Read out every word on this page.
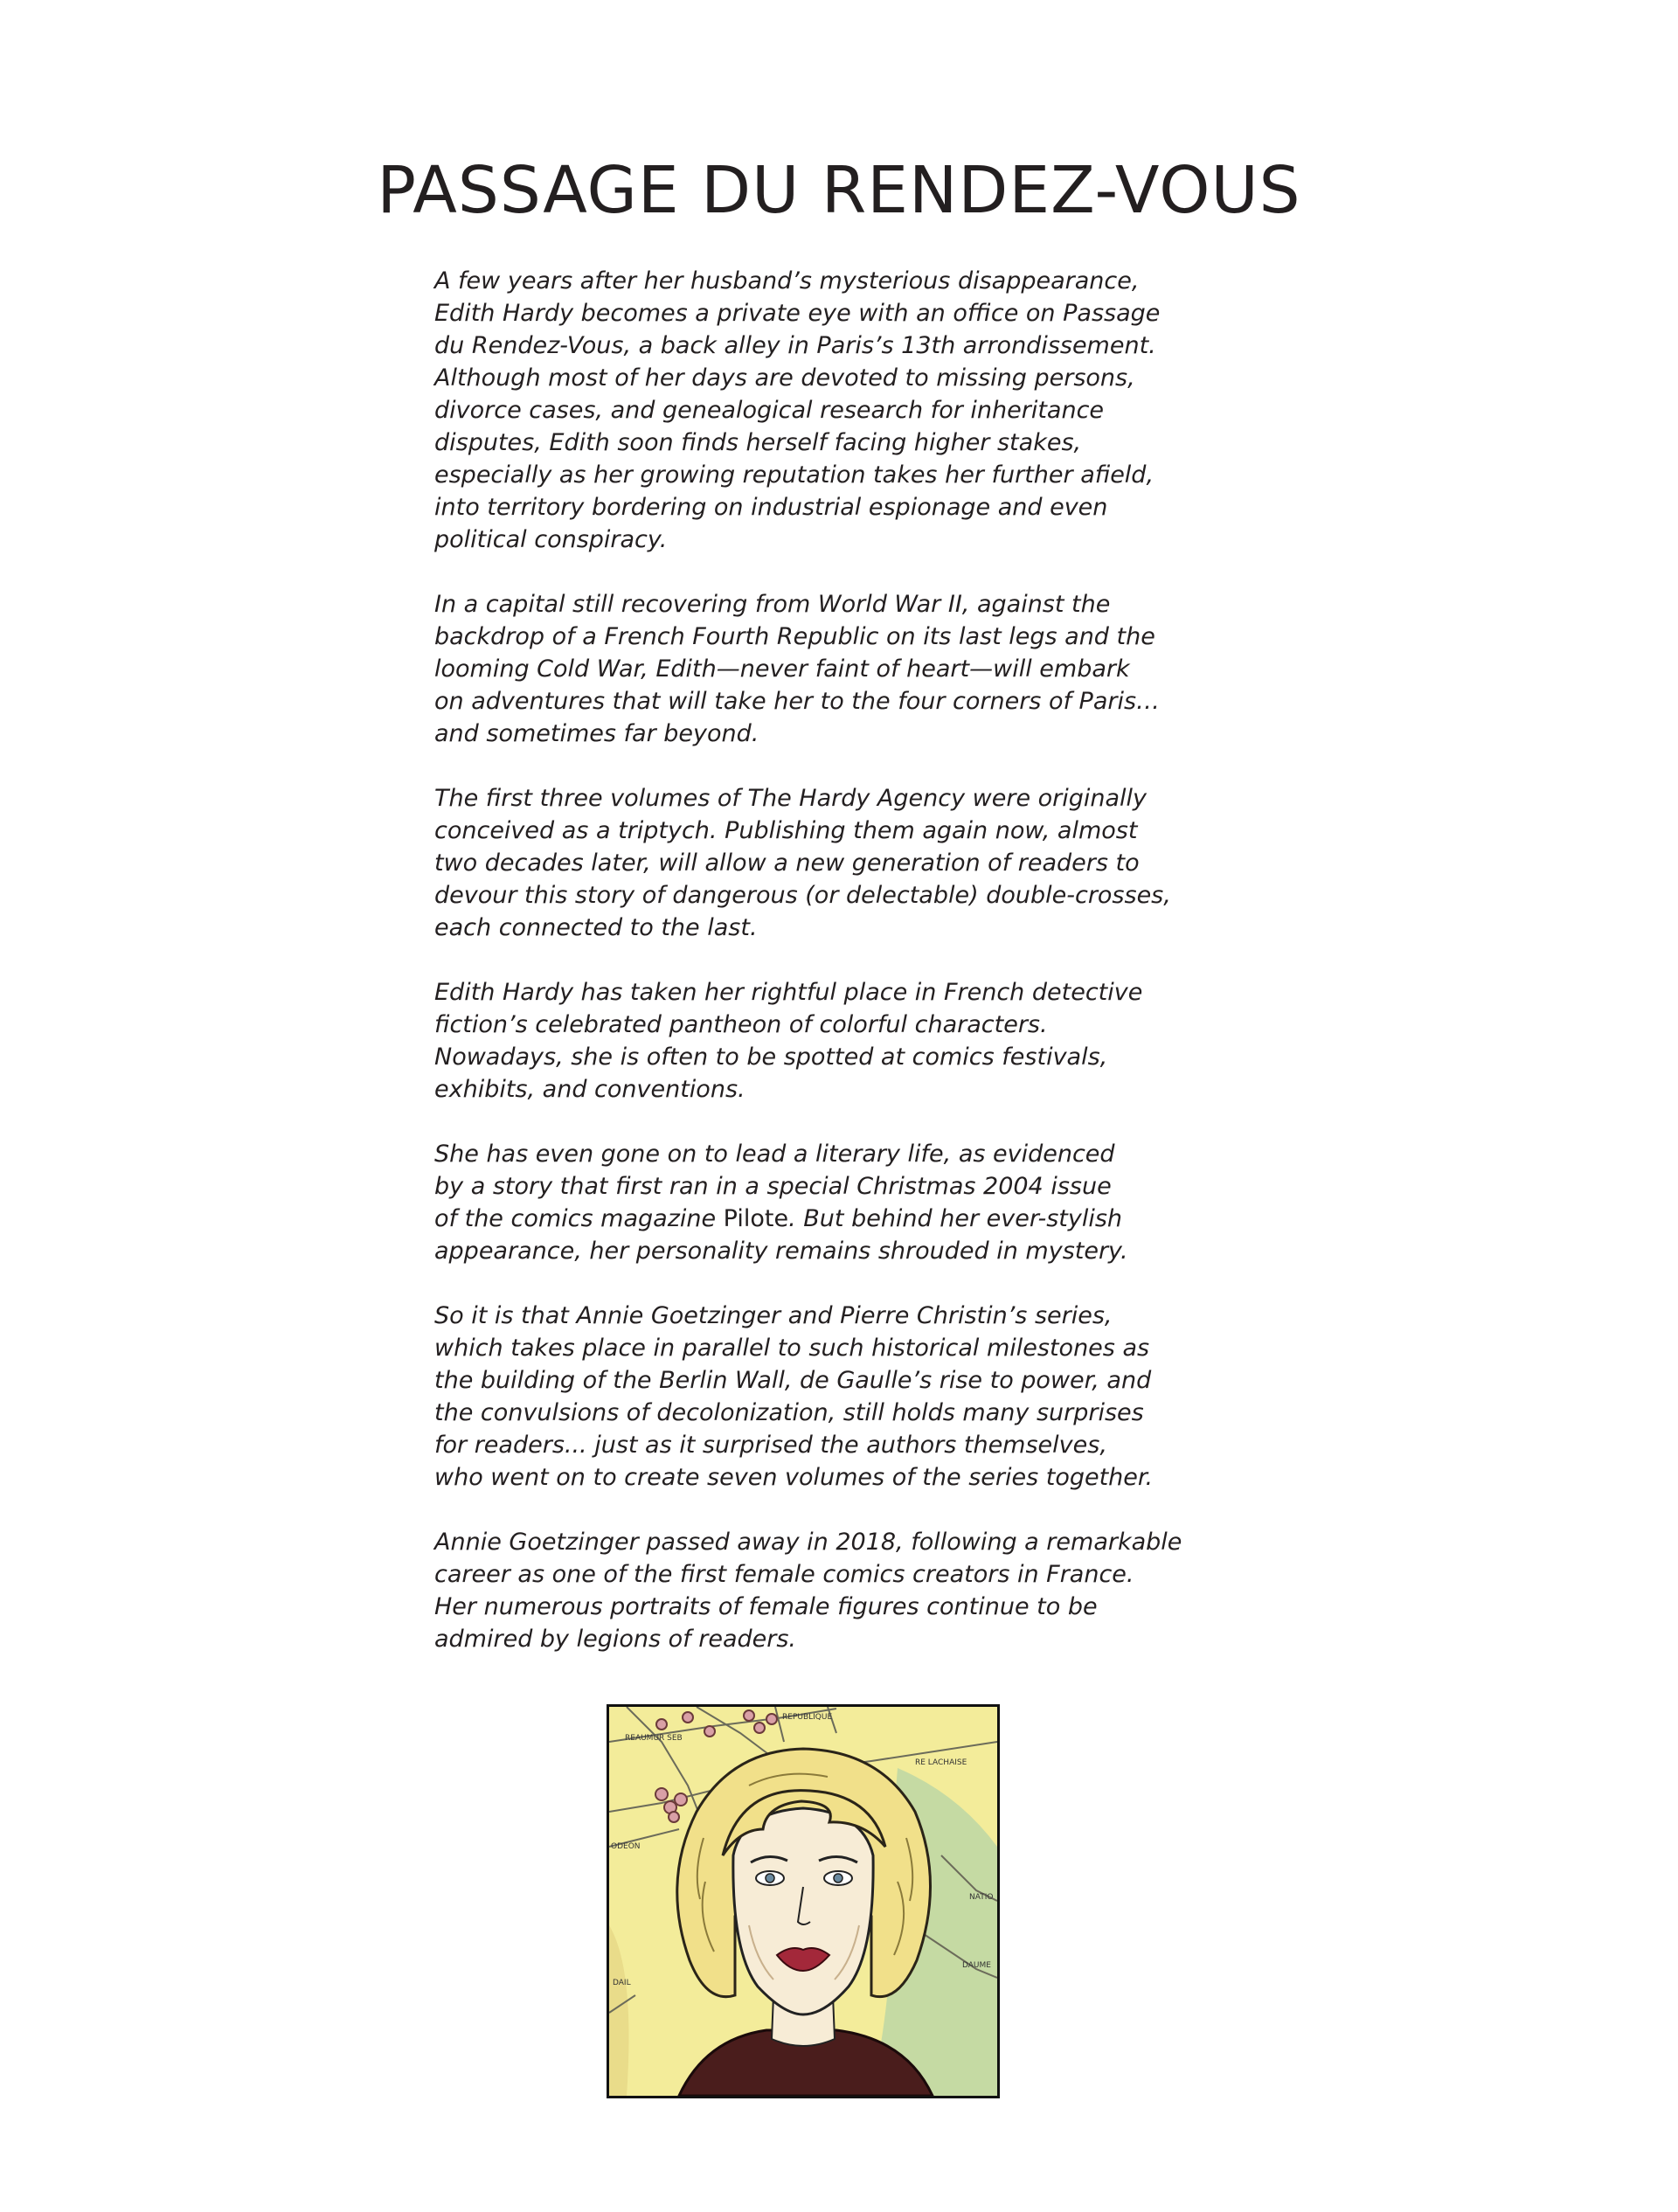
PASSAGE DU RENDEZ-VOUS

A few years after her husband’s mysterious disappearance,
Edith Hardy becomes a private eye with an office on Passage
du Rendez-Vous, a back alley in Paris’s 13th arrondissement.
Although most of her days are devoted to missing persons,
divorce cases, and genealogical research for inheritance
disputes, Edith soon finds herself facing higher stakes,
especially as her growing reputation takes her further afield,
into territory bordering on industrial espionage and even
political conspiracy.

In a capital still recovering from World War II, against the
backdrop of a French Fourth Republic on its last legs and the
looming Cold War, Edith—never faint of heart—will embark
on adventures that will take her to the four corners of Paris…
and sometimes far beyond.

The first three volumes of The Hardy Agency were originally
conceived as a triptych. Publishing them again now, almost
two decades later, will allow a new generation of readers to
devour this story of dangerous (or delectable) double-crosses,
each connected to the last.

Edith Hardy has taken her rightful place in French detective
fiction’s celebrated pantheon of colorful characters.
Nowadays, she is often to be spotted at comics festivals,
exhibits, and conventions.

She has even gone on to lead a literary life, as evidenced
by a story that first ran in a special Christmas 2004 issue
of the comics magazine Pilote. But behind her ever-stylish
appearance, her personality remains shrouded in mystery.

So it is that Annie Goetzinger and Pierre Christin’s series,
which takes place in parallel to such historical milestones as
the building of the Berlin Wall, de Gaulle’s rise to power, and
the convulsions of decolonization, still holds many surprises
for readers... just as it surprised the authors themselves,
who went on to create seven volumes of the series together.

Annie Goetzinger passed away in 2018, following a remarkable
career as one of the first female comics creators in France.
Her numerous portraits of female figures continue to be
admired by legions of readers.

REPUBLIQUE
REAUMUR SEB
RE LACHAISE
ODEON
NATIO
DAUME
DAIL
